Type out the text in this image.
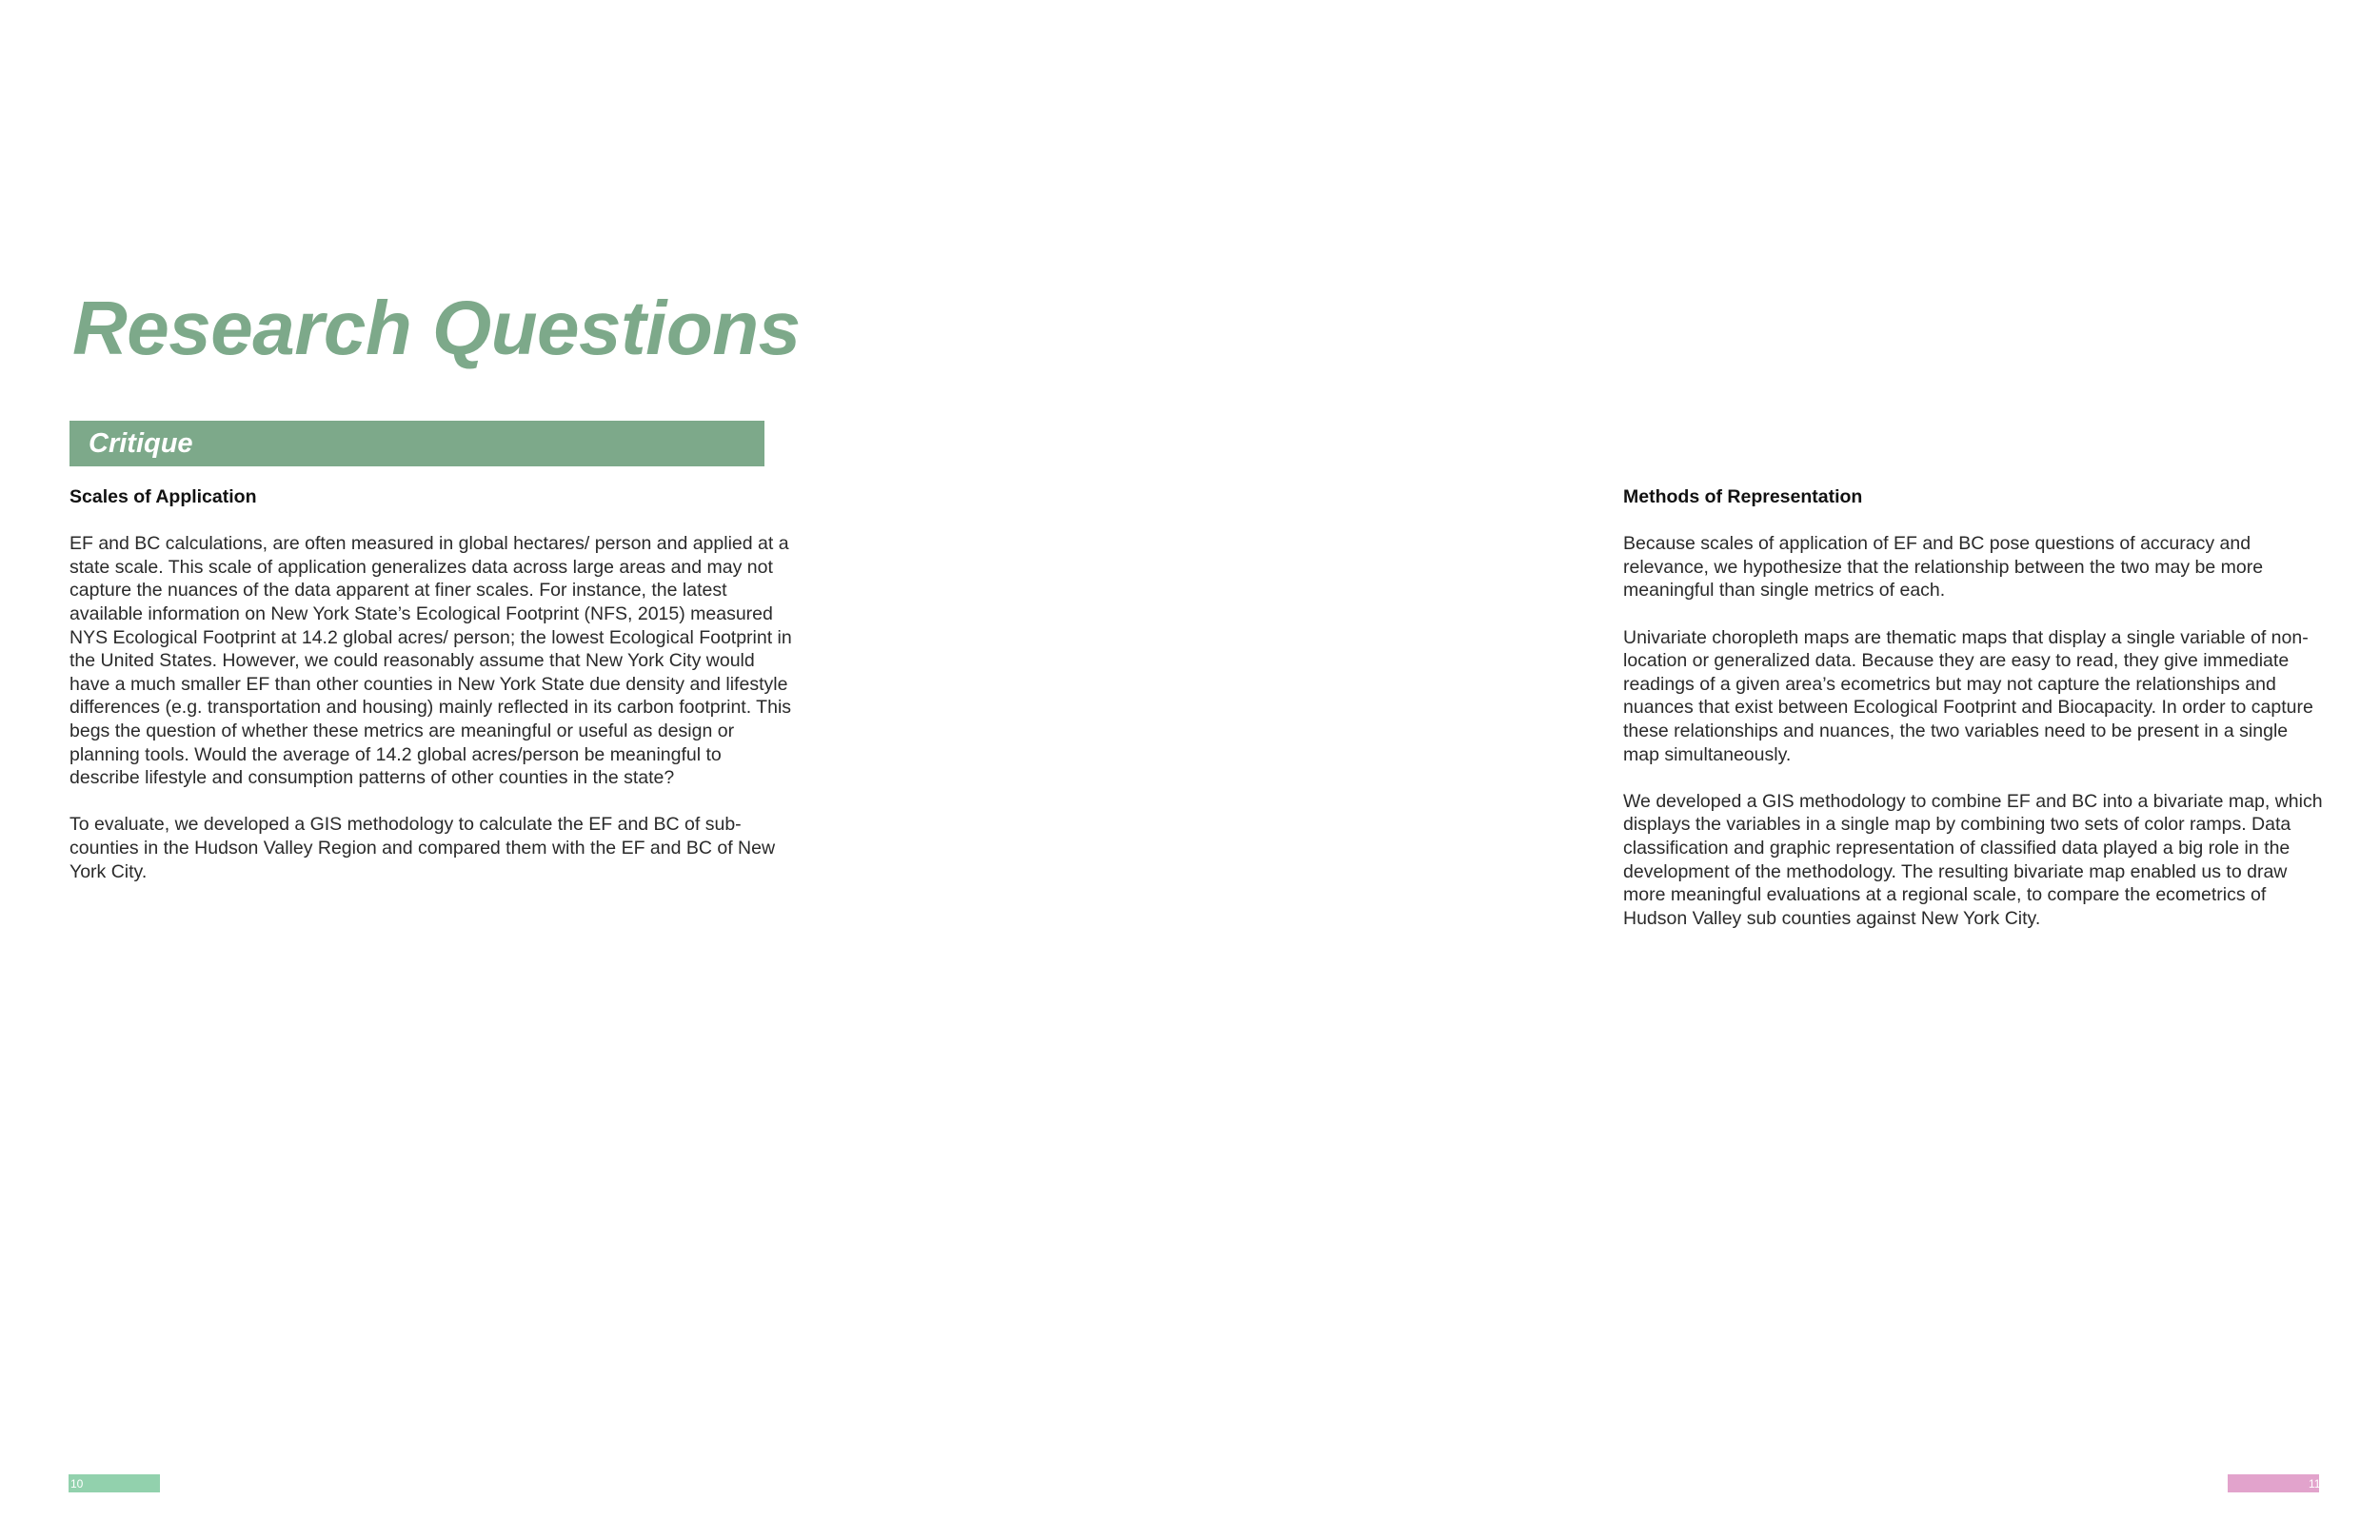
Research Questions
Critique
Scales of Application

EF and BC calculations, are often measured in global hectares/ person and applied at a state scale. This scale of application generalizes data across large areas and may not capture the nuances of the data apparent at finer scales. For instance, the latest available information on New York State’s Ecological Footprint (NFS, 2015) measured NYS Ecological Footprint at 14.2 global acres/ person; the lowest Ecological Footprint in the United States. However, we could reasonably assume that New York City would have a much smaller EF than other counties in New York State due density and lifestyle differences (e.g. transportation and housing) mainly reflected in its carbon footprint. This begs the question of whether these metrics are meaningful or useful as design or planning tools. Would the average of 14.2 global acres/person be meaningful to describe lifestyle and consumption patterns of other counties in the state?

To evaluate, we developed a GIS methodology to calculate the EF and BC of sub-counties in the Hudson Valley Region and compared them with the EF and BC of New York City.

Methods of Representation

Because scales of application of EF and BC pose questions of accuracy and relevance, we hypothesize that the relationship between the two may be more meaningful than single metrics of each.

Univariate choropleth maps are thematic maps that display a single variable of non-location or generalized data. Because they are easy to read, they give immediate readings of a given area’s ecometrics but may not capture the relationships and nuances that exist between Ecological Footprint and Biocapacity. In order to capture these relationships and nuances, the two variables need to be present in a single map simultaneously.

We developed a GIS methodology to combine EF and BC into a bivariate map, which displays the variables in a single map by combining two sets of color ramps. Data classification and graphic representation of classified data played a big role in the development of the methodology. The resulting bivariate map enabled us to draw more meaningful evaluations at a regional scale, to compare the ecometrics of Hudson Valley sub counties against New York City.

10	11
